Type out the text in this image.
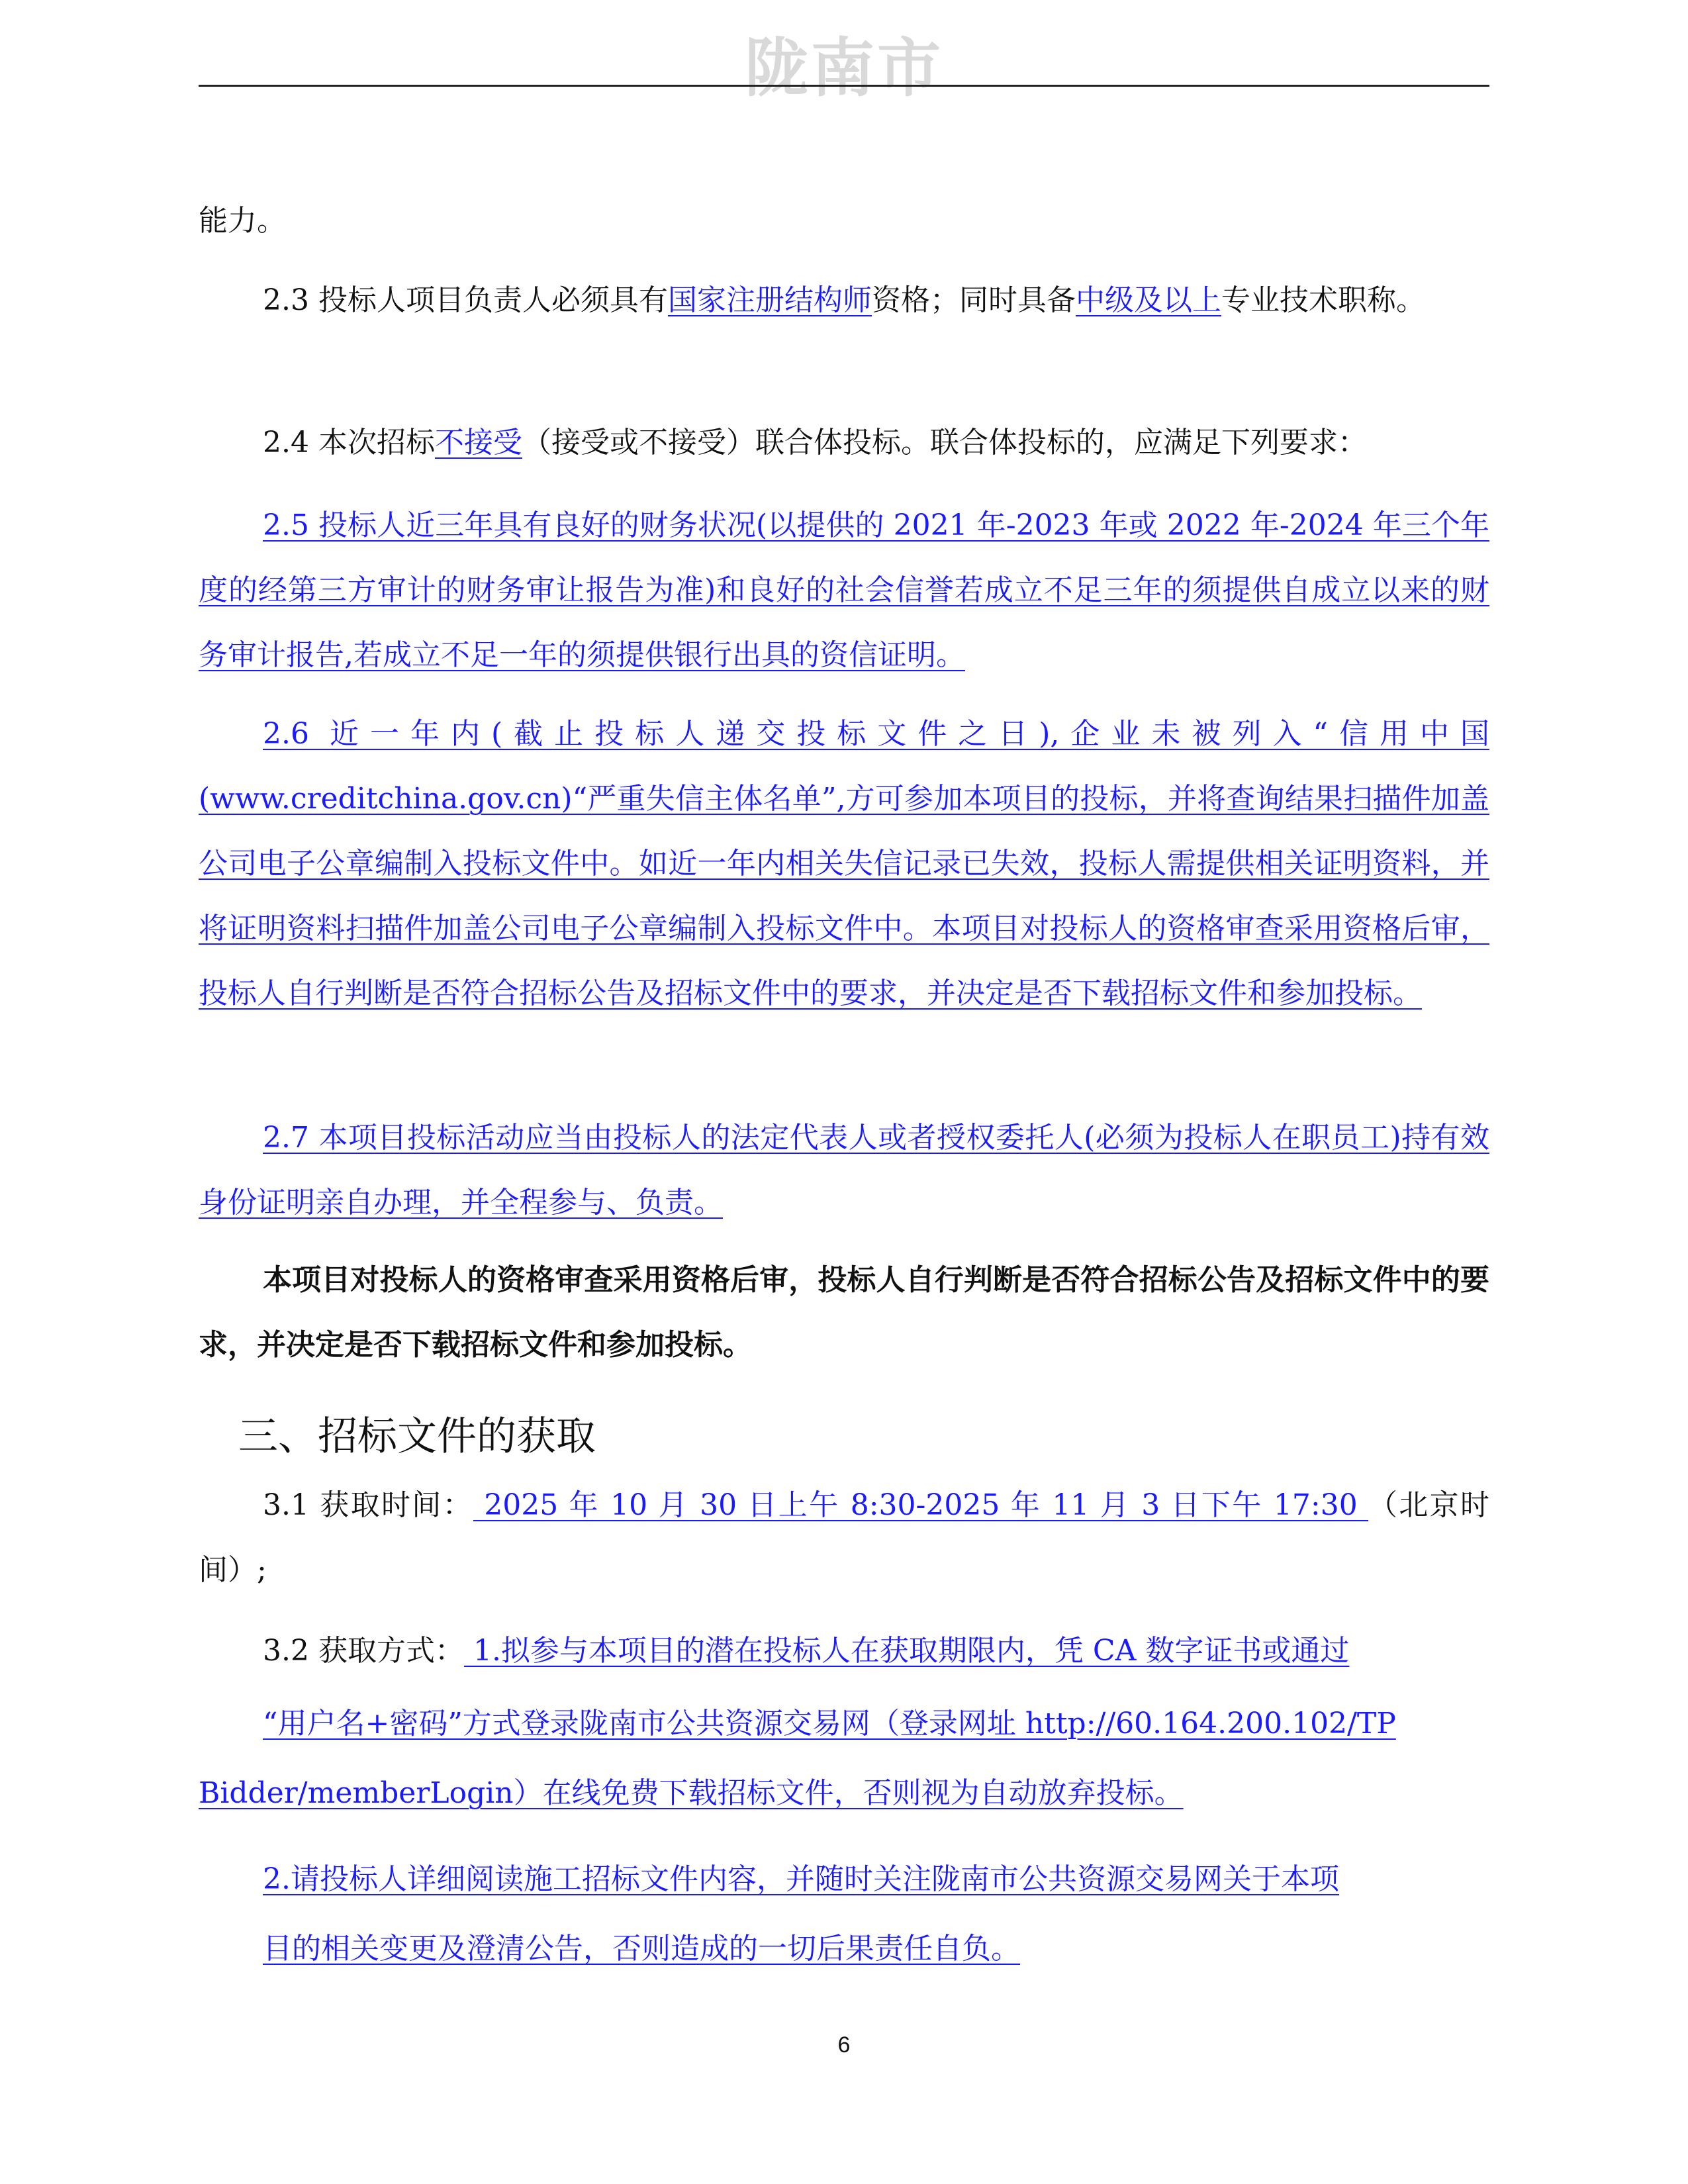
陇南市
能力。
2.3 投标人项目负责人必须具有国家注册结构师资格；同时具备中级及以上专业技术职称。
2.4 本次招标不接受（接受或不接受）联合体投标。联合体投标的，应满足下列要求：
2.5 投标人近三年具有良好的财务状况(以提供的 2021 年-2023 年或 2022 年-2024 年三个年度的经第三方审计的财务审让报告为准)和良好的社会信誉若成立不足三年的须提供自成立以来的财务审计报告,若成立不足一年的须提供银行出具的资信证明。
2.6 近一年内(截止投标人递交投标文件之日),企业未被列入“信用中国(www.creditchina.gov.cn)“严重失信主体名单”,方可参加本项目的投标，并将查询结果扫描件加盖公司电子公章编制入投标文件中。如近一年内相关失信记录已失效，投标人需提供相关证明资料，并将证明资料扫描件加盖公司电子公章编制入投标文件中。本项目对投标人的资格审查采用资格后审，投标人自行判断是否符合招标公告及招标文件中的要求，并决定是否下载招标文件和参加投标。
2.7 本项目投标活动应当由投标人的法定代表人或者授权委托人(必须为投标人在职员工)持有效身份证明亲自办理，并全程参与、负责。
本项目对投标人的资格审查采用资格后审，投标人自行判断是否符合招标公告及招标文件中的要求，并决定是否下载招标文件和参加投标。
三、招标文件的获取
3.1 获取时间： 2025 年 10 月 30 日上午 8:30-2025 年 11 月 3 日下午 17:30 （北京时间）;
3.2 获取方式： 1.拟参与本项目的潜在投标人在获取期限内，凭 CA 数字证书或通过
“用户名+密码”方式登录陇南市公共资源交易网（登录网址 http://60.164.200.102/TP
Bidder/memberLogin）在线免费下载招标文件，否则视为自动放弃投标。
2.请投标人详细阅读施工招标文件内容，并随时关注陇南市公共资源交易网关于本项
目的相关变更及澄清公告，否则造成的一切后果责任自负。
6
